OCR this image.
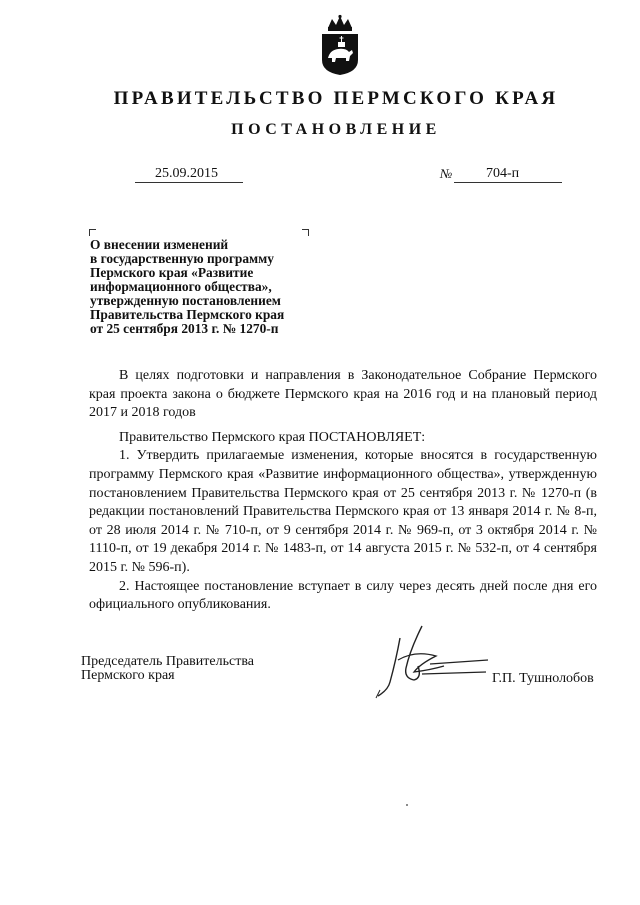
ПРАВИТЕЛЬСТВО ПЕРМСКОГО КРАЯ
ПОСТАНОВЛЕНИЕ
25.09.2015	№ 704-п
О внесении изменений
в государственную программу
Пермского края «Развитие
информационного общества»,
утвержденную постановлением
Правительства Пермского края
от 25 сентября 2013 г. № 1270-п

В целях подготовки и направления в Законодательное Собрание Пермского края проекта закона о бюджете Пермского края на 2016 год и на плановый период 2017 и 2018 годов

Правительство Пермского края ПОСТАНОВЛЯЕТ:

1. Утвердить прилагаемые изменения, которые вносятся в государственную программу Пермского края «Развитие информационного общества», утвержденную постановлением Правительства Пермского края от 25 сентября 2013 г. № 1270-п (в редакции постановлений Правительства Пермского края от 13 января 2014 г. № 8-п, от 28 июля 2014 г. № 710-п, от 9 сентября 2014 г. № 969-п, от 3 октября 2014 г. № 1110-п, от 19 декабря 2014 г. № 1483-п, от 14 августа 2015 г. № 532-п, от 4 сентября 2015 г. № 596-п).

2. Настоящее постановление вступает в силу через десять дней после дня его официального опубликования.

Председатель Правительства
Пермского края	Г.П. Тушнолобов
